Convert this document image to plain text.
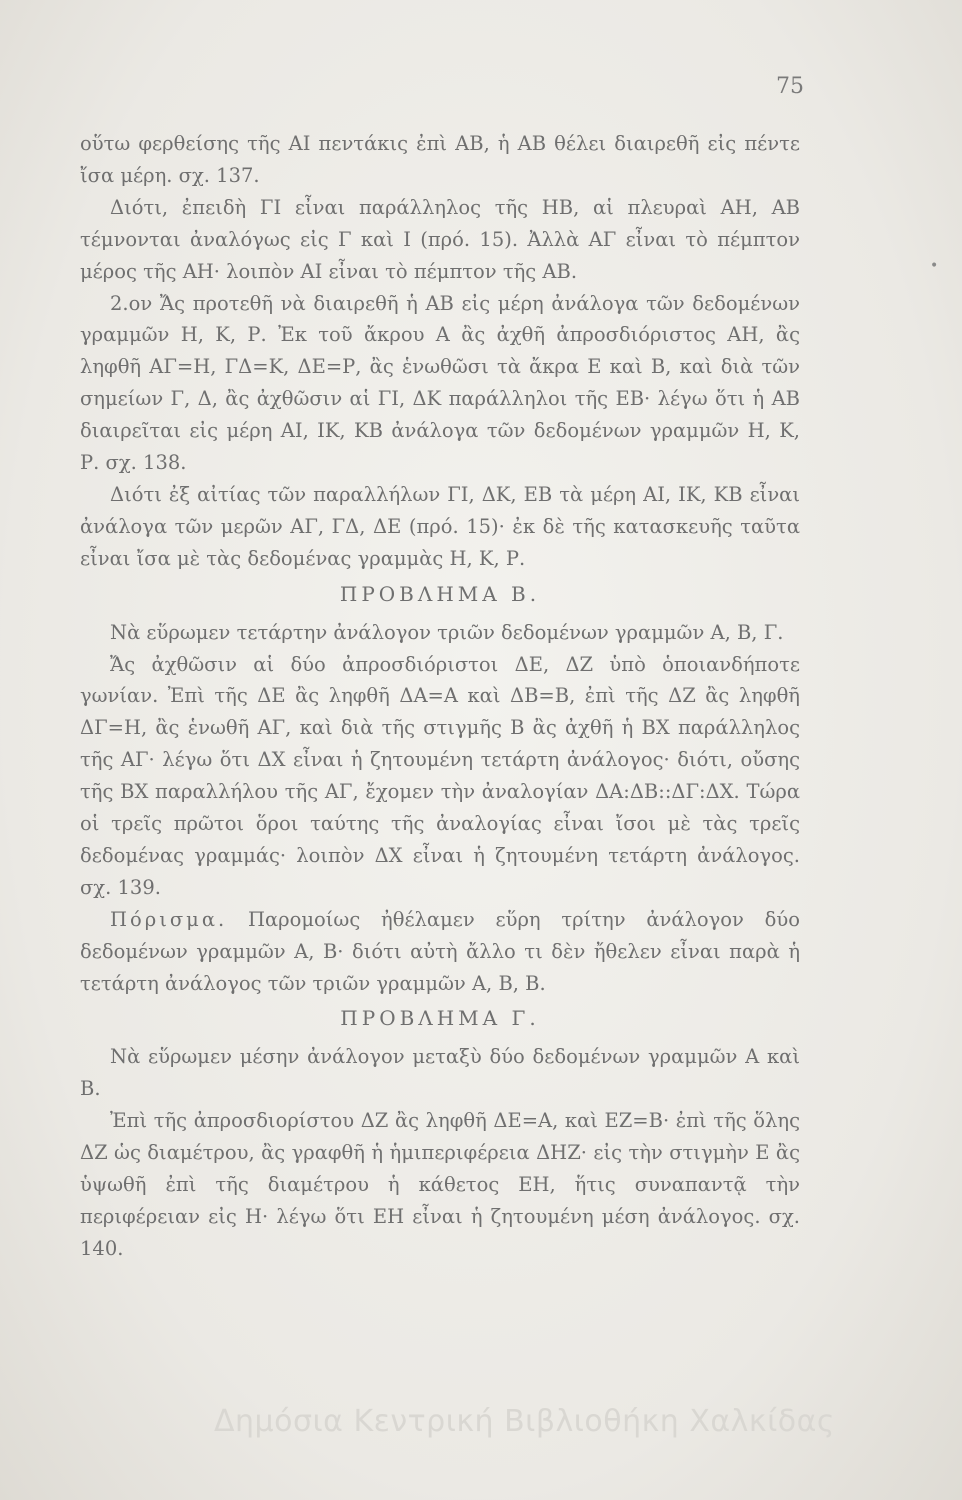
75
•

οὕτω φερθείσης τῆς ΑΙ πεντάκις ἐπὶ ΑΒ, ἡ ΑΒ θέλει διαιρεθῆ εἰς πέντε ἴσα μέρη. σχ. 137.

Διότι, ἐπειδὴ ΓΙ εἶναι παράλληλος τῆς ΗΒ, αἱ πλευραὶ ΑΗ, ΑΒ τέμνονται ἀναλόγως εἰς Γ καὶ Ι (πρό. 15). Ἀλλὰ ΑΓ εἶναι τὸ πέμπτον μέρος τῆς ΑΗ· λοιπὸν ΑΙ εἶναι τὸ πέμπτον τῆς ΑΒ.

2.ον Ἄς προτεθῆ νὰ διαιρεθῆ ἡ ΑΒ εἰς μέρη ἀνάλογα τῶν δεδομένων γραμμῶν Η, Κ, Ρ. Ἐκ τοῦ ἄκρου Α ἂς ἀχθῆ ἀπροσδιόριστος ΑΗ, ἂς ληφθῆ ΑΓ=Η, ΓΔ=Κ, ΔΕ=Ρ, ἂς ἑνωθῶσι τὰ ἄκρα Ε καὶ Β, καὶ διὰ τῶν σημείων Γ, Δ, ἂς ἀχθῶσιν αἱ ΓΙ, ΔΚ παράλληλοι τῆς ΕΒ· λέγω ὅτι ἡ ΑΒ διαιρεῖται εἰς μέρη ΑΙ, ΙΚ, ΚΒ ἀνάλογα τῶν δεδομένων γραμμῶν Η, Κ, Ρ. σχ. 138.

Διότι ἐξ αἰτίας τῶν παραλλήλων ΓΙ, ΔΚ, ΕΒ τὰ μέρη ΑΙ, ΙΚ, ΚΒ εἶναι ἀνάλογα τῶν μερῶν ΑΓ, ΓΔ, ΔΕ (πρό. 15)· ἐκ δὲ τῆς κατασκευῆς ταῦτα εἶναι ἴσα μὲ τὰς δεδομένας γραμμὰς Η, Κ, Ρ.

ΠΡΟΒΛΗΜΑ Β.

Νὰ εὕρωμεν τετάρτην ἀνάλογον τριῶν δεδομένων γραμμῶν Α, Β, Γ.

Ἄς ἀχθῶσιν αἱ δύο ἀπροσδιόριστοι ΔΕ, ΔΖ ὑπὸ ὁποιανδήποτε γωνίαν. Ἐπὶ τῆς ΔΕ ἂς ληφθῆ ΔΑ=Α καὶ ΔΒ=Β, ἐπὶ τῆς ΔΖ ἂς ληφθῆ ΔΓ=Η, ἂς ἑνωθῆ ΑΓ, καὶ διὰ τῆς στιγμῆς Β ἂς ἀχθῆ ἡ ΒΧ παράλληλος τῆς ΑΓ· λέγω ὅτι ΔΧ εἶναι ἡ ζητουμένη τετάρτη ἀνάλογος· διότι, οὔσης τῆς ΒΧ παραλλήλου τῆς ΑΓ, ἔχομεν τὴν ἀναλογίαν ΔΑ:ΔΒ::ΔΓ:ΔΧ. Τώρα οἱ τρεῖς πρῶτοι ὅροι ταύτης τῆς ἀναλογίας εἶναι ἴσοι μὲ τὰς τρεῖς δεδομένας γραμμάς· λοιπὸν ΔΧ εἶναι ἡ ζητουμένη τετάρτη ἀνάλογος. σχ. 139.

Πόρισμα. Παρομοίως ἠθέλαμεν εὕρη τρίτην ἀνάλογον δύο δεδομένων γραμμῶν Α, Β· διότι αὐτὴ ἄλλο τι δὲν ἤθελεν εἶναι παρὰ ἡ τετάρτη ἀνάλογος τῶν τριῶν γραμμῶν Α, Β, Β.

ΠΡΟΒΛΗΜΑ Γ.

Νὰ εὕρωμεν μέσην ἀνάλογον μεταξὺ δύο δεδομένων γραμμῶν Α καὶ Β.

Ἐπὶ τῆς ἀπροσδιορίστου ΔΖ ἂς ληφθῆ ΔΕ=Α, καὶ ΕΖ=Β· ἐπὶ τῆς ὅλης ΔΖ ὡς διαμέτρου, ἂς γραφθῆ ἡ ἡμιπεριφέρεια ΔΗΖ· εἰς τὴν στιγμὴν Ε ἂς ὑψωθῆ ἐπὶ τῆς διαμέτρου ἡ κάθετος ΕΗ, ἥτις συναπαντᾷ τὴν περιφέρειαν εἰς Η· λέγω ὅτι ΕΗ εἶναι ἡ ζητουμένη μέση ἀνάλογος. σχ. 140.

Δημόσια Κεντρική Βιβλιοθήκη Χαλκίδας
